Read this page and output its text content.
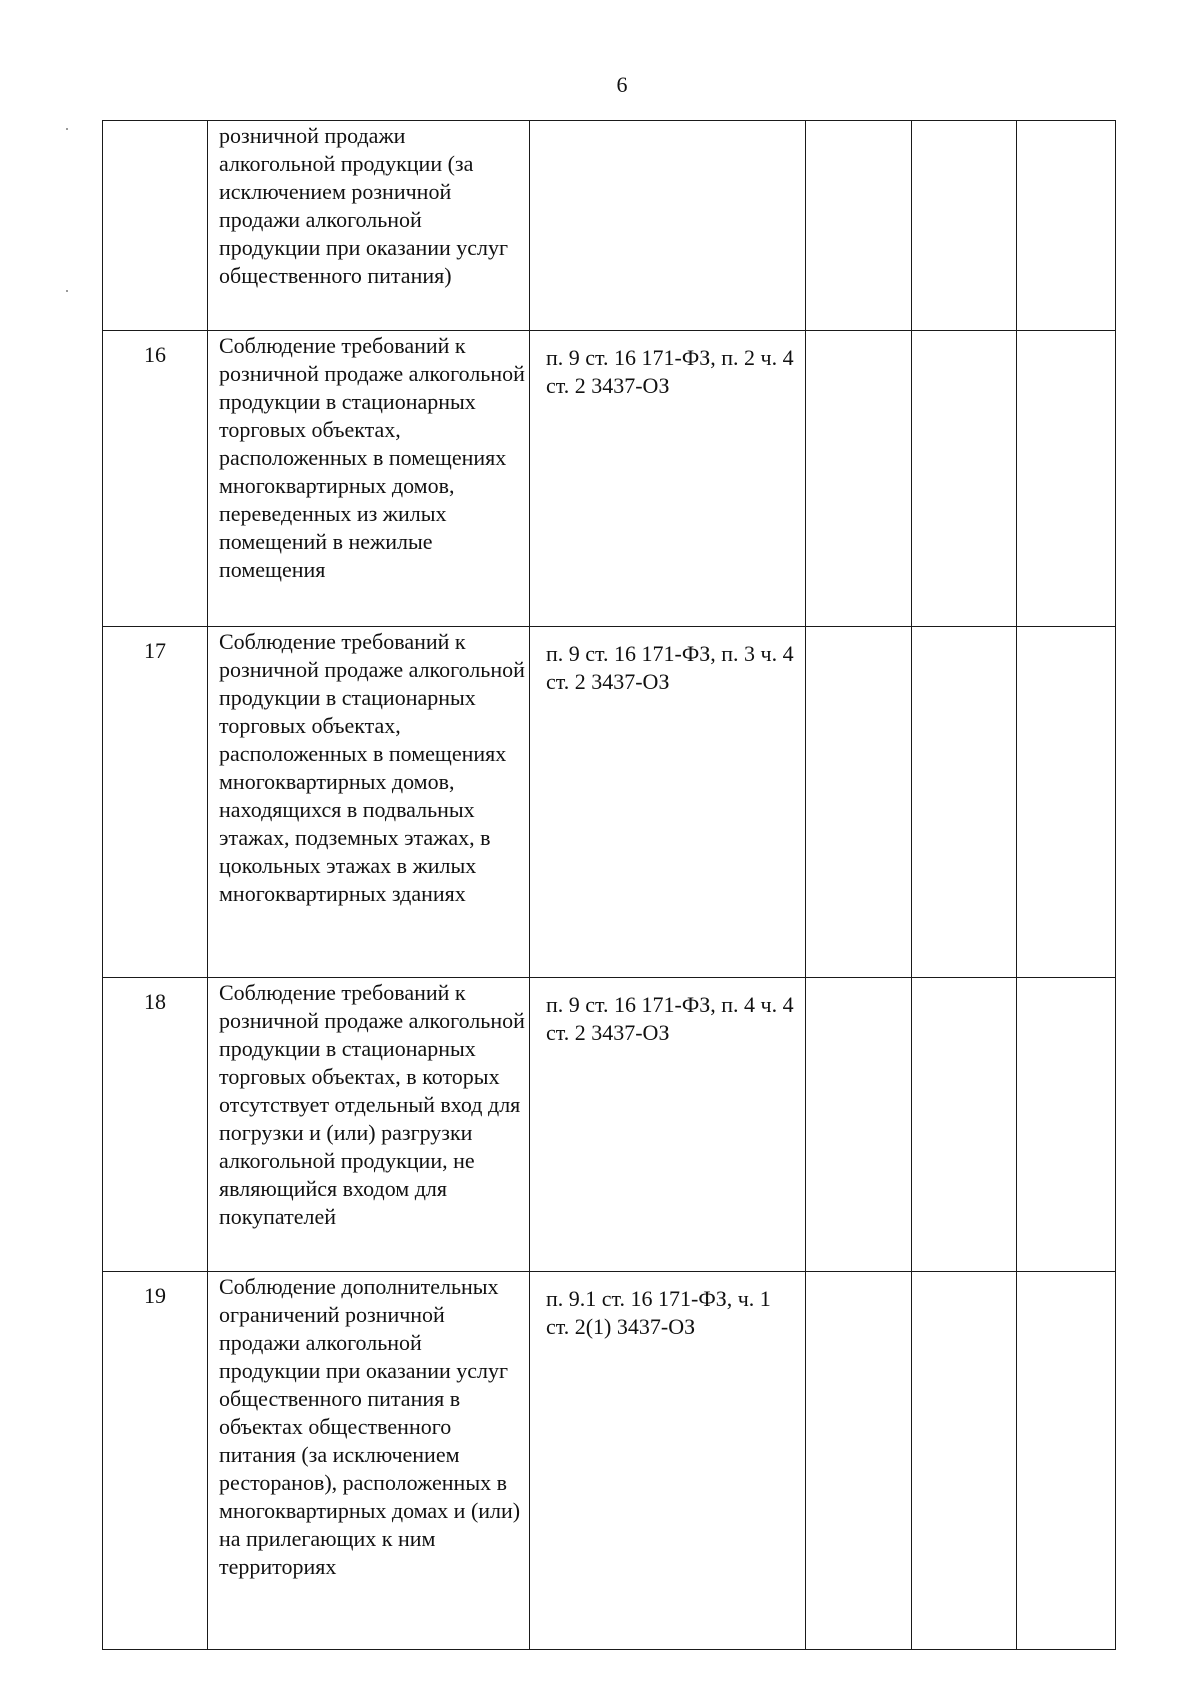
6
	розничной продажи алкогольной продукции (за исключением розничной продажи алкогольной продукции при оказании услуг общественного питания)				
16	Соблюдение требований к розничной продаже алкогольной продукции в стационарных торговых объектах, расположенных в помещениях многоквартирных домов, переведенных из жилых помещений в нежилые помещения	п. 9 ст. 16 171-ФЗ, п. 2 ч. 4 ст. 2 3437-ОЗ			
17	Соблюдение требований к розничной продаже алкогольной продукции в стационарных торговых объектах, расположенных в помещениях многоквартирных домов, находящихся в подвальных этажах, подземных этажах, в цокольных этажах в жилых многоквартирных зданиях	п. 9 ст. 16 171-ФЗ, п. 3 ч. 4 ст. 2 3437-ОЗ			
18	Соблюдение требований к розничной продаже алкогольной продукции в стационарных торговых объектах, в которых отсутствует отдельный вход для погрузки и (или) разгрузки алкогольной продукции, не являющийся входом для покупателей	п. 9 ст. 16 171-ФЗ, п. 4 ч. 4 ст. 2 3437-ОЗ			
19	Соблюдение дополнительных ограничений розничной продажи алкогольной продукции при оказании услуг общественного питания в объектах общественного питания (за исключением ресторанов), расположенных в многоквартирных домах и (или) на прилегающих к ним территориях	п. 9.1 ст. 16 171-ФЗ, ч. 1 ст. 2(1) 3437-ОЗ			
